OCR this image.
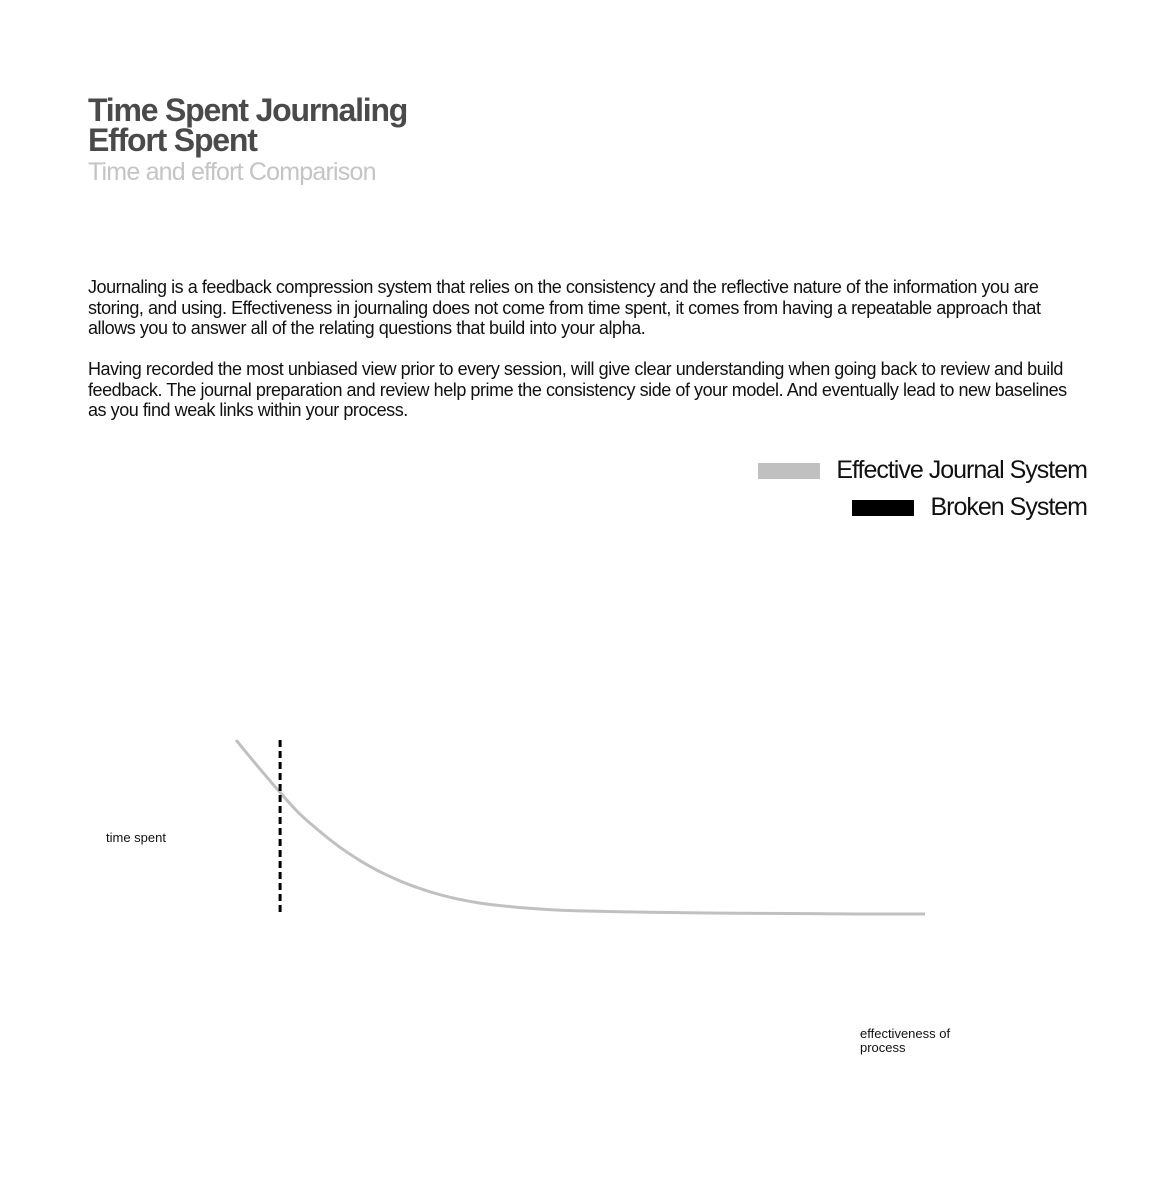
Time Spent Journaling
Effort Spent
Time and effort Comparison

Journaling is a feedback compression system that relies on the consistency and the reflective nature of the information you are storing, and using. Effectiveness in journaling does not come from time spent, it comes from having a repeatable approach that allows you to answer all of the relating questions that build into your alpha.

Having recorded the most unbiased view prior to every session, will give clear understanding when going back to review and build feedback. The journal preparation and review help prime the consistency side of your model. And eventually lead to new baselines as you find weak links within your process.

Effective Journal System
Broken System
time spent
effectiveness of process
